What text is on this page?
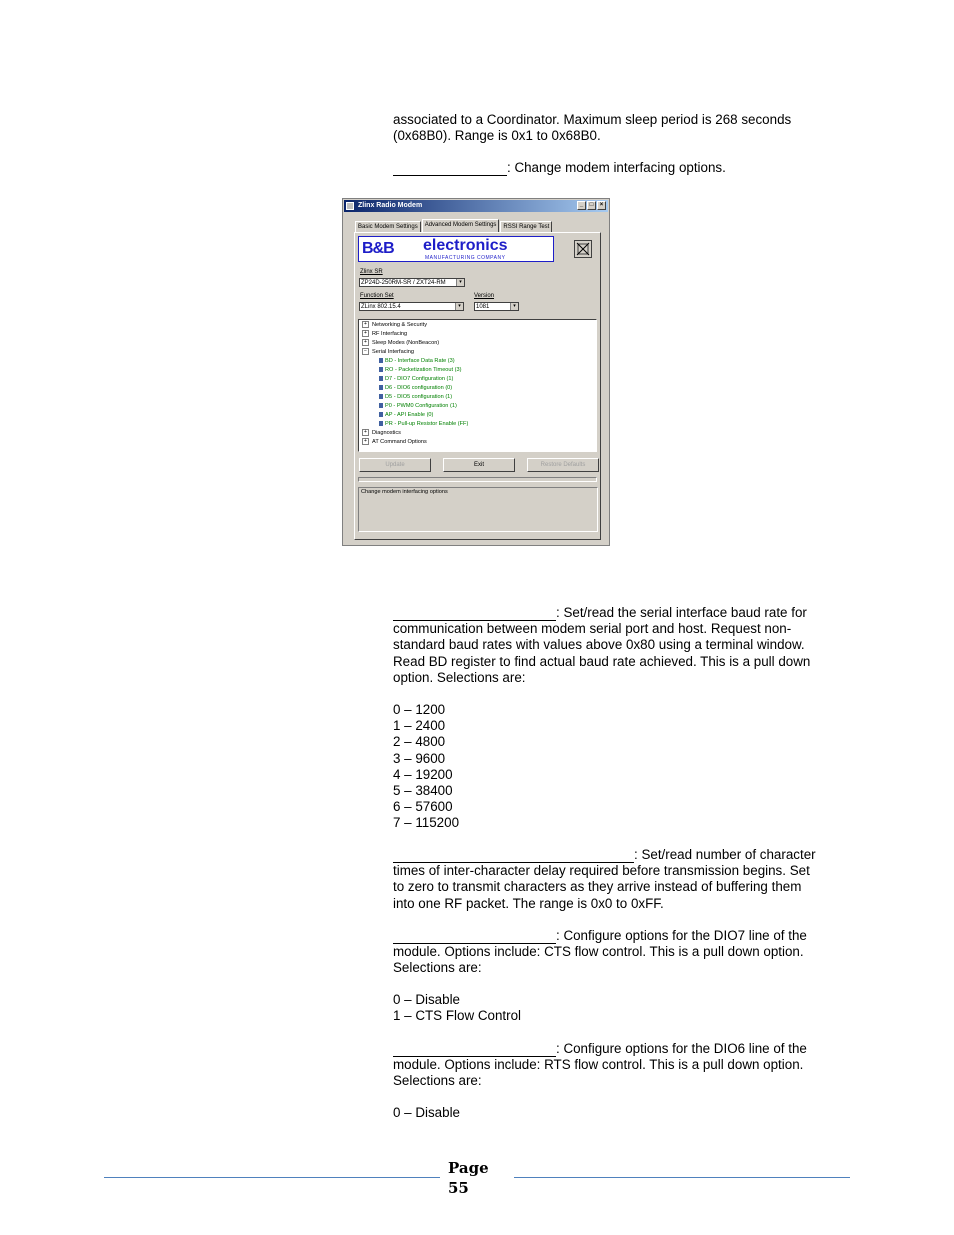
associated to a Coordinator. Maximum sleep period is 268 seconds

(0x68B0). Range is 0x1 to 0x68B0.

: Change modem interfacing options.

Zlinx Radio Modem	_	□	×
Basic Modem Settings	Advanced Modem Settings	RSSI Range Test
B&B electronics
MANUFACTURING COMPANY
Zlinx SR
ZP24D-250RM-SR / ZXT24-RM	▾
Function Set
ZLinx 802.15.4	▾
Version
1081	▾
+ Networking & Security
+ RF Interfacing
+ Sleep Modes (NonBeacon)
− Serial Interfacing
BD - Interface Data Rate (3)
RO - Packetization Timeout (3)
D7 - DIO7 Configuration (1)
D6 - DIO6 configuration (0)
D5 - DIO5 configuration (1)
P0 - PWM0 Configuration (1)
AP - API Enable (0)
PR - Pull-up Resistor Enable (FF)
+ Diagnostics
+ AT Command Options
Update	Exit	Restore Defaults
Change modem interfacing options

: Set/read the serial interface baud rate for

communication between modem serial port and host. Request non-

standard baud rates with values above 0x80 using a terminal window.

Read BD register to find actual baud rate achieved. This is a pull down

option. Selections are:

0 – 1200
1 – 2400
2 – 4800
3 – 9600
4 – 19200
5 – 38400
6 – 57600
7 – 115200

: Set/read number of character

times of inter-character delay required before transmission begins. Set

to zero to transmit characters as they arrive instead of buffering them

into one RF packet. The range is 0x0 to 0xFF.

: Configure options for the DIO7 line of the

module. Options include: CTS flow control. This is a pull down option.

Selections are:

0 – Disable
1 – CTS Flow Control

: Configure options for the DIO6 line of the

module. Options include: RTS flow control. This is a pull down option.

Selections are:

0 – Disable
Page
55
